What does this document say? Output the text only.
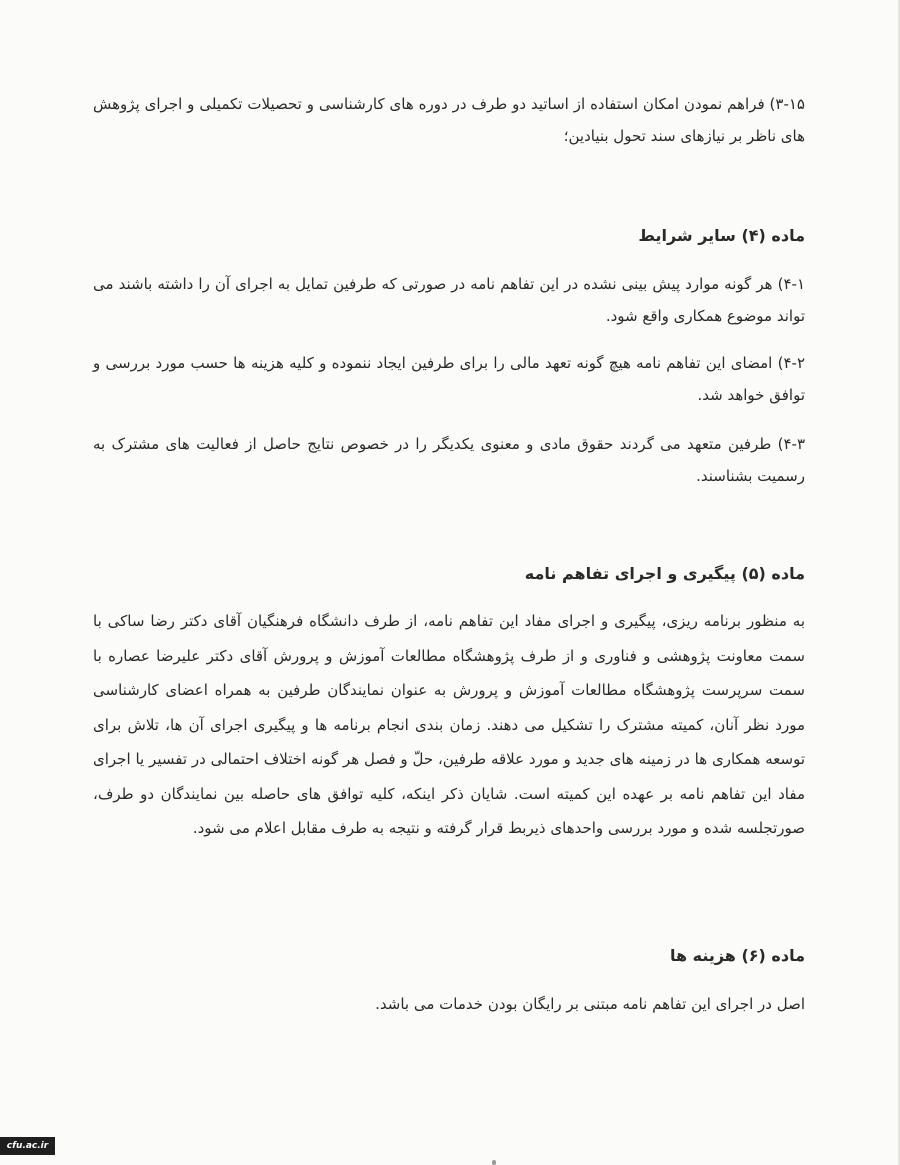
۳-۱۵) فراهم نمودن امکان استفاده از اساتید دو طرف در دوره های کارشناسی و تحصیلات تکمیلی و اجرای پژوهش های ناظر بر نیازهای سند تحول بنیادین؛

ماده (۴) سایر شرایط

۴-۱) هر گونه موارد پیش بینی نشده در این تفاهم نامه در صورتی که طرفین تمایل به اجرای آن را داشته باشند می تواند موضوع همکاری واقع شود.

۴-۲) امضای این تفاهم نامه هیچ گونه تعهد مالی را برای طرفین ایجاد ننموده و کلیه هزینه ها حسب مورد بررسی و توافق خواهد شد.

۴-۳) طرفین متعهد می گردند حقوق مادی و معنوی یکدیگر را در خصوص نتایج حاصل از فعالیت های مشترک به رسمیت بشناسند.

ماده (۵) پیگیری و اجرای تفاهم نامه

به منظور برنامه ریزی، پیگیری و اجرای مفاد این تفاهم نامه، از طرف دانشگاه فرهنگیان آقای دکتر رضا ساکی با سمت معاونت پژوهشی و فناوری و از طرف پژوهشگاه مطالعات آموزش و پرورش آقای دکتر علیرضا عصاره با سمت سرپرست پژوهشگاه مطالعات آموزش و پرورش به عنوان نمایندگان طرفین به همراه اعضای کارشناسی مورد نظر آنان، کمیته مشترک را تشکیل می دهند. زمان بندی انجام برنامه ها و پیگیری اجرای آن ها، تلاش برای توسعه همکاری ها در زمینه های جدید و مورد علاقه طرفین، حلّ و فصل هر گونه اختلاف احتمالی در تفسیر یا اجرای مفاد این تفاهم نامه بر عهده این کمیته است. شایان ذکر اینکه، کلیه توافق های حاصله بین نمایندگان دو طرف، صورتجلسه شده و مورد بررسی واحدهای ذیربط قرار گرفته و نتیجه به طرف مقابل اعلام می شود.

ماده (۶) هزینه ها

اصل در اجرای این تفاهم نامه مبتنی بر رایگان بودن خدمات می باشد.

cfu.ac.ir
